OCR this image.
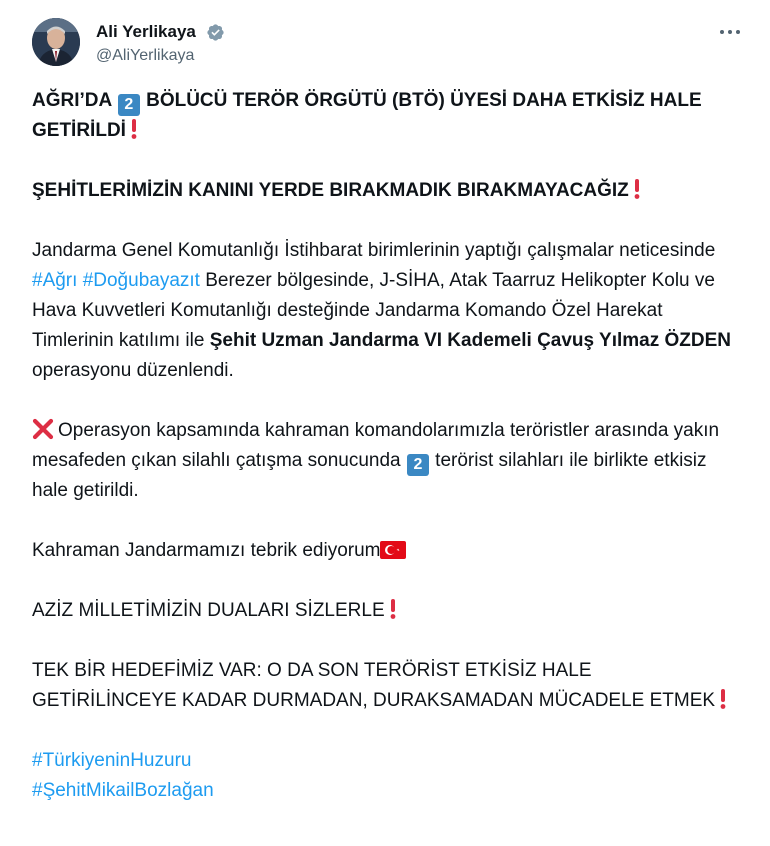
Ali Yerlikaya
@AliYerlikaya

AĞRI’DA 2 BÖLÜCÜ TERÖR ÖRGÜTÜ (BTÖ) ÜYESİ DAHA ETKİSİZ HALE GETİRİLDİ

ŞEHİTLERİMİZİN KANINI YERDE BIRAKMADIK BIRAKMAYACAĞIZ

Jandarma Genel Komutanlığı İstihbarat birimlerinin yaptığı çalışmalar neticesinde #Ağrı #Doğubayazıt Berezer bölgesinde, J-SİHA, Atak Taarruz Helikopter Kolu ve Hava Kuvvetleri Komutanlığı desteğinde Jandarma Komando Özel Harekat Timlerinin katılımı ile Şehit Uzman Jandarma VI Kademeli Çavuş Yılmaz ÖZDEN operasyonu düzenlendi.

Operasyon kapsamında kahraman komandolarımızla teröristler arasında yakın mesafeden çıkan silahlı çatışma sonucunda 2 terörist silahları ile birlikte etkisiz hale getirildi.

Kahraman Jandarmamızı tebrik ediyorum

AZİZ MİLLETİMİZİN DUALARI SİZLERLE

TEK BİR HEDEFİMİZ VAR: O DA SON TERÖRİST ETKİSİZ HALE GETİRİLİNCEYE KADAR DURMADAN, DURAKSAMADAN MÜCADELE ETMEK

#TürkiyeninHuzuru

#ŞehitMikailBozlağan
